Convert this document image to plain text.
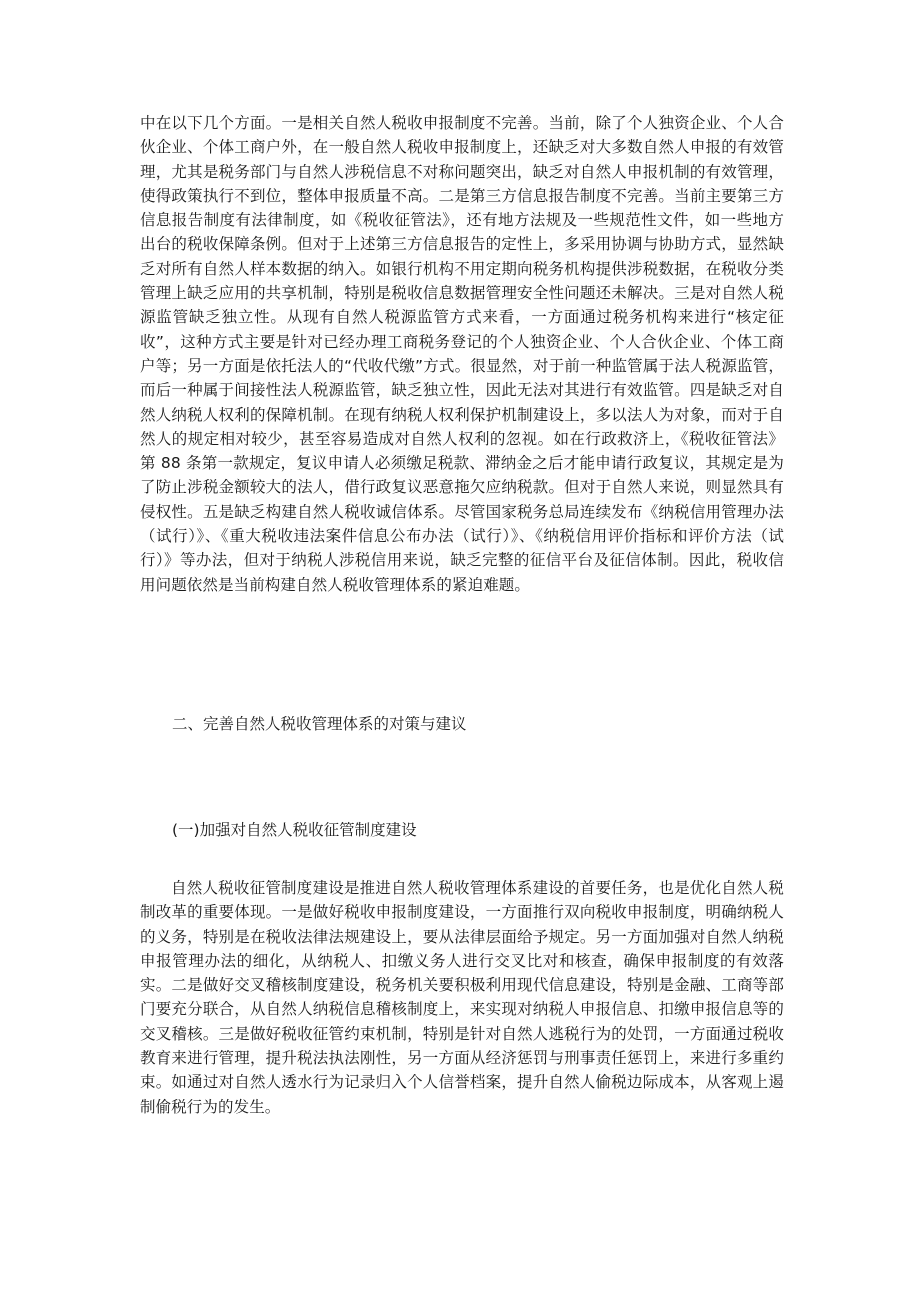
中在以下几个方面。一是相关自然人税收申报制度不完善。当前，除了个人独资企业、个人合伙企业、个体工商户外，在一般自然人税收申报制度上，还缺乏对大多数自然人申报的有效管理，尤其是税务部门与自然人涉税信息不对称问题突出，缺乏对自然人申报机制的有效管理，使得政策执行不到位，整体申报质量不高。二是第三方信息报告制度不完善。当前主要第三方信息报告制度有法律制度，如《税收征管法》，还有地方法规及一些规范性文件，如一些地方出台的税收保障条例。但对于上述第三方信息报告的定性上，多采用协调与协助方式，显然缺乏对所有自然人样本数据的纳入。如银行机构不用定期向税务机构提供涉税数据，在税收分类管理上缺乏应用的共享机制，特别是税收信息数据管理安全性问题还未解决。三是对自然人税源监管缺乏独立性。从现有自然人税源监管方式来看，一方面通过税务机构来进行“核定征收”，这种方式主要是针对已经办理工商税务登记的个人独资企业、个人合伙企业、个体工商户等；另一方面是依托法人的“代收代缴”方式。很显然，对于前一种监管属于法人税源监管，而后一种属于间接性法人税源监管，缺乏独立性，因此无法对其进行有效监管。四是缺乏对自然人纳税人权利的保障机制。在现有纳税人权利保护机制建设上，多以法人为对象，而对于自然人的规定相对较少，甚至容易造成对自然人权利的忽视。如在行政救济上，《税收征管法》第 88 条第一款规定，复议申请人必须缴足税款、滞纳金之后才能申请行政复议，其规定是为了防止涉税金额较大的法人，借行政复议恶意拖欠应纳税款。但对于自然人来说，则显然具有侵权性。五是缺乏构建自然人税收诚信体系。尽管国家税务总局连续发布《纳税信用管理办法（试行）》、《重大税收违法案件信息公布办法（试行）》、《纳税信用评价指标和评价方法（试行）》等办法，但对于纳税人涉税信用来说，缺乏完整的征信平台及征信体制。因此，税收信用问题依然是当前构建自然人税收管理体系的紧迫难题。

二、完善自然人税收管理体系的对策与建议
(一)加强对自然人税收征管制度建设

自然人税收征管制度建设是推进自然人税收管理体系建设的首要任务，也是优化自然人税制改革的重要体现。一是做好税收申报制度建设，一方面推行双向税收申报制度，明确纳税人的义务，特别是在税收法律法规建设上，要从法律层面给予规定。另一方面加强对自然人纳税申报管理办法的细化，从纳税人、扣缴义务人进行交叉比对和核查，确保申报制度的有效落实。二是做好交叉稽核制度建设，税务机关要积极利用现代信息建设，特别是金融、工商等部门要充分联合，从自然人纳税信息稽核制度上，来实现对纳税人申报信息、扣缴申报信息等的交叉稽核。三是做好税收征管约束机制，特别是针对自然人逃税行为的处罚，一方面通过税收教育来进行管理，提升税法执法刚性，另一方面从经济惩罚与刑事责任惩罚上，来进行多重约束。如通过对自然人透水行为记录归入个人信誉档案，提升自然人偷税边际成本，从客观上遏制偷税行为的发生。
